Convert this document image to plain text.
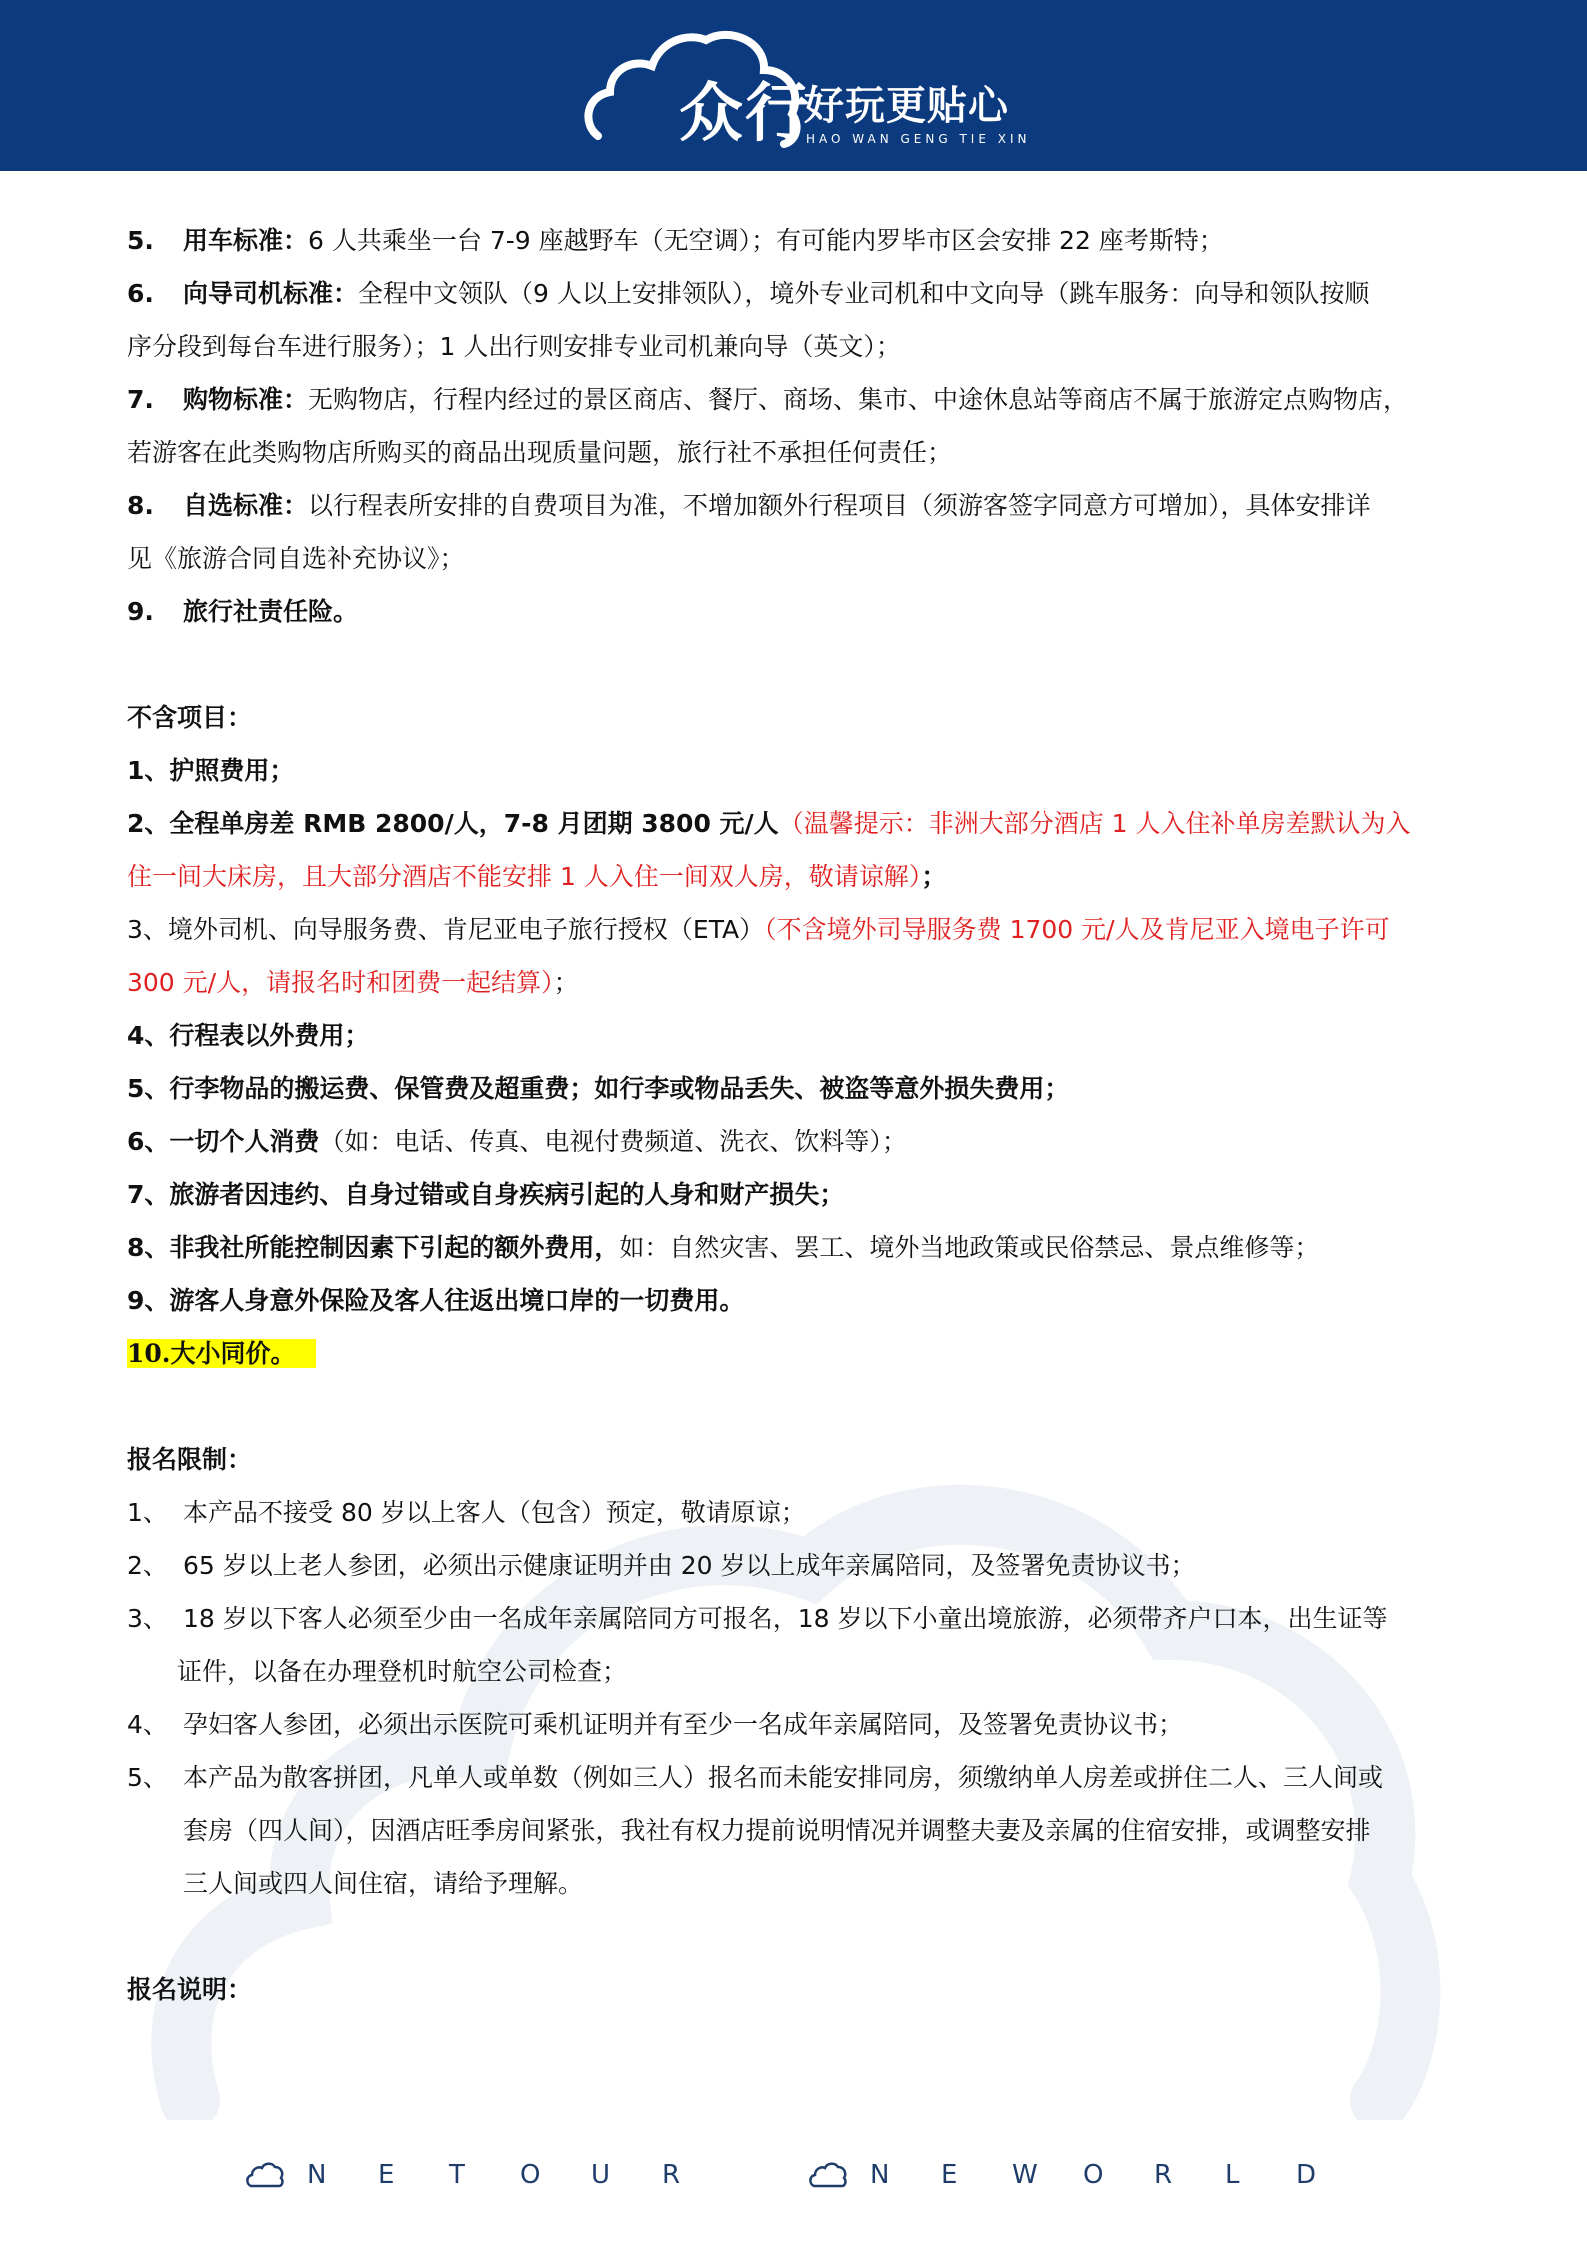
众行
好玩更贴心
HAO WAN GENG TIE XIN
5. 用车标准：6 人共乘坐一台 7-9 座越野车（无空调）；有可能内罗毕市区会安排 22 座考斯特；
6. 向导司机标准：全程中文领队（9 人以上安排领队），境外专业司机和中文向导（跳车服务：向导和领队按顺
序分段到每台车进行服务）；1 人出行则安排专业司机兼向导（英文）；
7. 购物标准：无购物店，行程内经过的景区商店、餐厅、商场、集市、中途休息站等商店不属于旅游定点购物店，
若游客在此类购物店所购买的商品出现质量问题，旅行社不承担任何责任；
8. 自选标准：以行程表所安排的自费项目为准，不增加额外行程项目（须游客签字同意方可增加），具体安排详
见《旅游合同自选补充协议》；
9. 旅行社责任险。
不含项目：
1、护照费用；
2、全程单房差 RMB 2800/人，7-8 月团期 3800 元/人（温馨提示：非洲大部分酒店 1 人入住补单房差默认为入
住一间大床房，且大部分酒店不能安排 1 人入住一间双人房，敬请谅解）；
3、境外司机、向导服务费、肯尼亚电子旅行授权（ETA）（不含境外司导服务费 1700 元/人及肯尼亚入境电子许可
300 元/人，请报名时和团费一起结算）；
4、行程表以外费用；
5、行李物品的搬运费、保管费及超重费；如行李或物品丢失、被盗等意外损失费用；
6、一切个人消费（如：电话、传真、电视付费频道、洗衣、饮料等）；
7、旅游者因违约、自身过错或自身疾病引起的人身和财产损失；
8、非我社所能控制因素下引起的额外费用，如：自然灾害、罢工、境外当地政策或民俗禁忌、景点维修等；
9、游客人身意外保险及客人往返出境口岸的一切费用。
10.大小同价。
报名限制：
1、 本产品不接受 80 岁以上客人（包含）预定，敬请原谅；
2、 65 岁以上老人参团，必须出示健康证明并由 20 岁以上成年亲属陪同，及签署免责协议书；
3、 18 岁以下客人必须至少由一名成年亲属陪同方可报名，18 岁以下小童出境旅游，必须带齐户口本，出生证等
证件，以备在办理登机时航空公司检查；
4、 孕妇客人参团，必须出示医院可乘机证明并有至少一名成年亲属陪同，及签署免责协议书；
5、 本产品为散客拼团，凡单人或单数（例如三人）报名而未能安排同房，须缴纳单人房差或拼住二人、三人间或
套房（四人间），因酒店旺季房间紧张，我社有权力提前说明情况并调整夫妻及亲属的住宿安排，或调整安排
三人间或四人间住宿，请给予理解。
报名说明：
N	E	T	O	U	R	N	E	W	O	R	L	D
